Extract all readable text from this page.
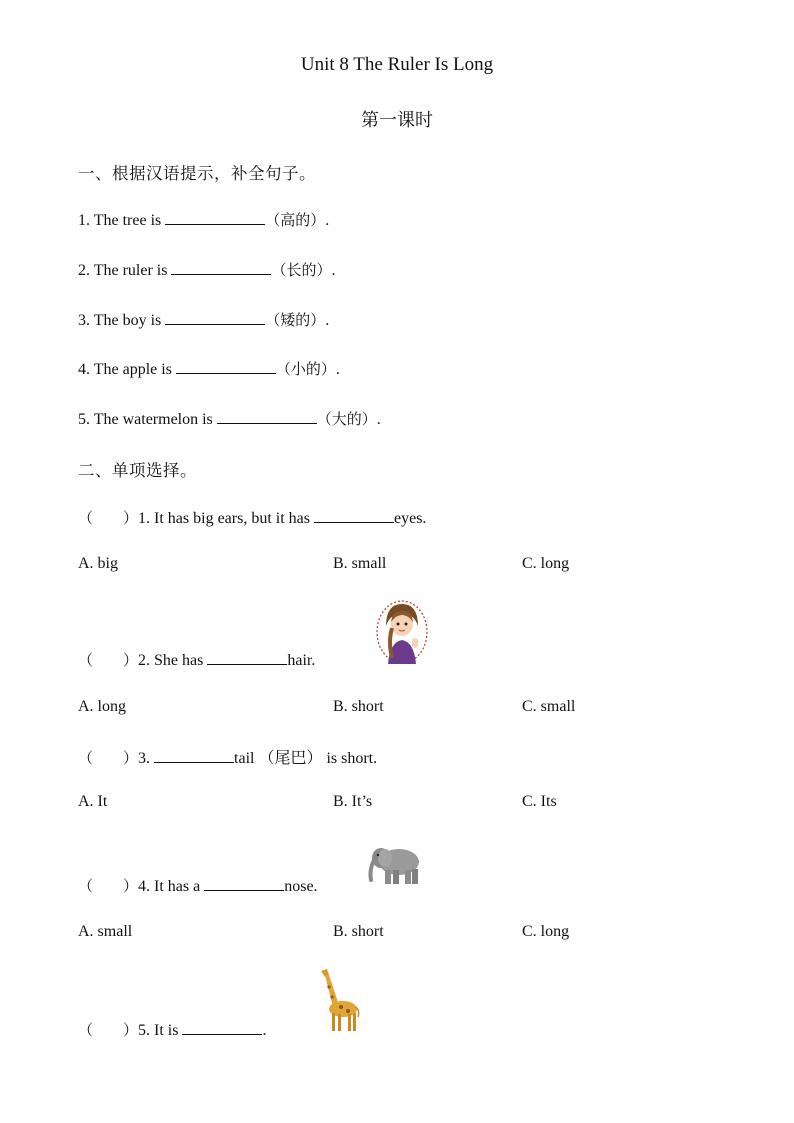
Unit 8 The Ruler Is Long
第一课时
一、根据汉语提示，补全句子。
1. The tree is	（高的）.
2. The ruler is	（长的）.
3. The boy is	（矮的）.
4. The apple is	（小的）.
5. The watermelon is	（大的）.
二、单项选择。
（　　）1. It has big ears, but it has	eyes.
A. big	B. small	C. long
（　　）2. She has	hair.
A. long	B. short	C. small
（　　）3.	tail （尾巴） is short.
A. It	B. It’s	C. Its
（　　）4. It has a	nose.
A. small	B. short	C. long
（　　）5. It is	.
